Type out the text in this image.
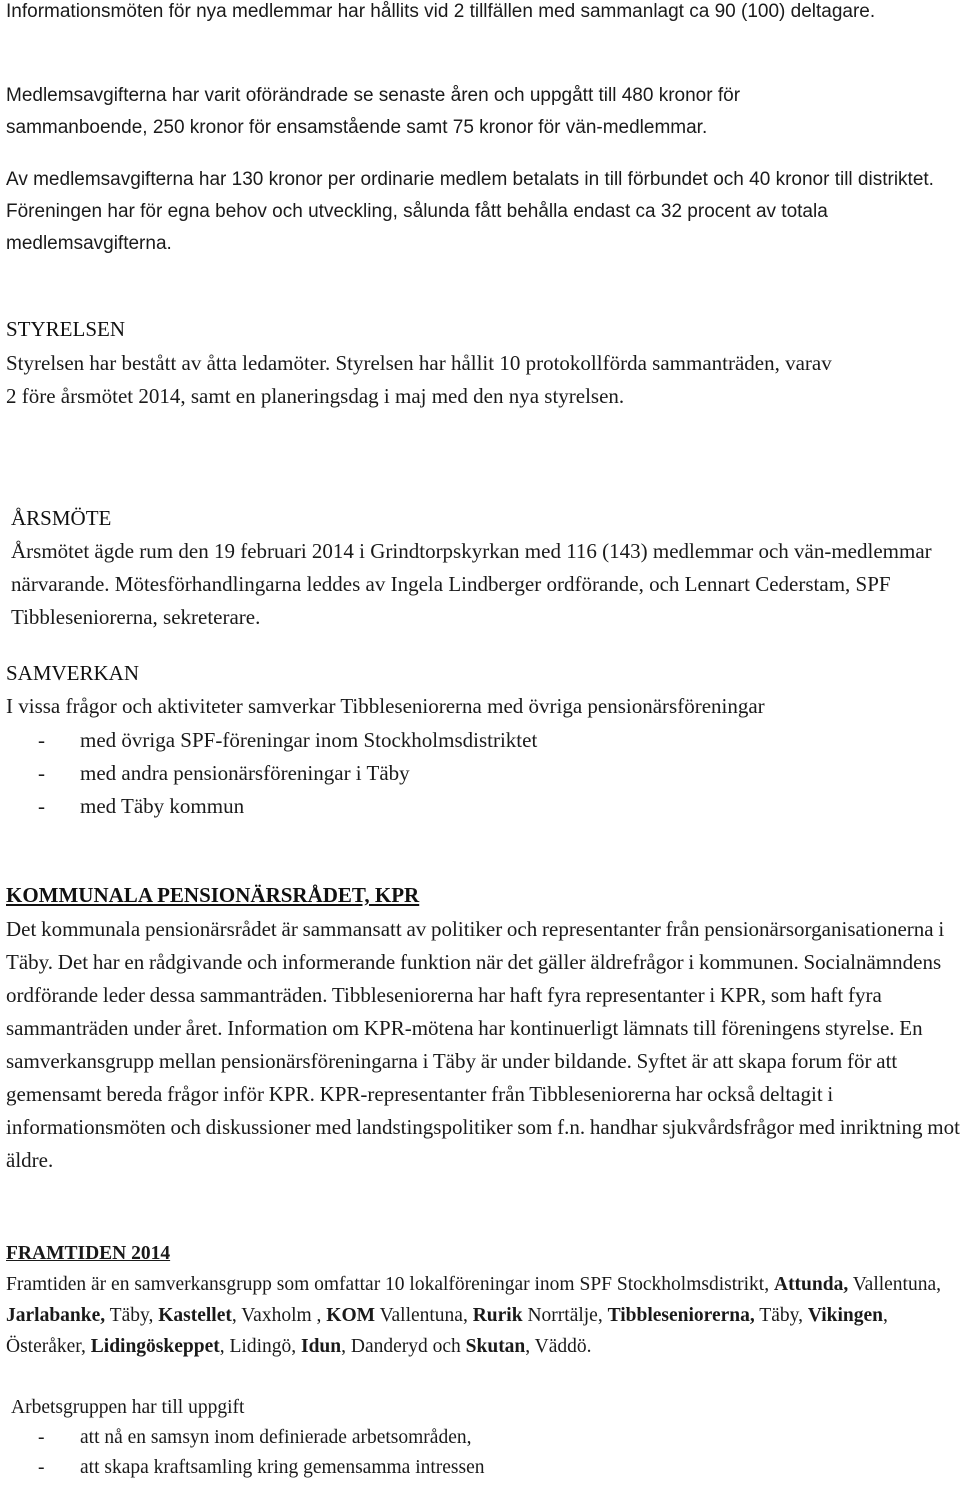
Informationsmöten för nya medlemmar har hållits vid 2 tillfällen med sammanlagt ca 90 (100) deltagare.

Medlemsavgifterna har varit oförändrade se senaste åren och uppgått till 480 kronor för sammanboende, 250 kronor för ensamstående samt 75 kronor för vän-medlemmar.

Av medlemsavgifterna har 130 kronor per ordinarie medlem betalats in till förbundet och 40 kronor till distriktet. Föreningen har för egna behov och utveckling, sålunda fått behålla endast ca 32 procent av totala medlemsavgifterna.

STYRELSEN

Styrelsen har bestått av åtta ledamöter. Styrelsen har hållit 10 protokollförda sammanträden, varav
2 före årsmötet 2014, samt en planeringsdag i maj med den nya styrelsen.

ÅRSMÖTE

Årsmötet ägde rum den 19 februari 2014 i Grindtorpskyrkan med 116 (143) medlemmar och vän-medlemmar närvarande. Mötesförhandlingarna leddes av Ingela Lindberger ordförande, och Lennart Cederstam, SPF Tibbleseniorerna, sekreterare.

SAMVERKAN

I vissa frågor och aktiviteter samverkar Tibbleseniorerna med övriga pensionärsföreningar

- med övriga SPF-föreningar inom Stockholmsdistriktet
- med andra pensionärsföreningar i Täby
- med Täby kommun
KOMMUNALA PENSIONÄRSRÅDET, KPR

Det kommunala pensionärsrådet är sammansatt av politiker och representanter från pensionärsorganisationerna i Täby. Det har en rådgivande och informerande funktion när det gäller äldrefrågor i kommunen. Socialnämndens ordförande leder dessa sammanträden. Tibbleseniorerna har haft fyra representanter i KPR, som haft fyra sammanträden under året. Information om KPR-mötena har kontinuerligt lämnats till föreningens styrelse. En samverkansgrupp mellan pensionärsföreningarna i Täby är under bildande. Syftet är att skapa forum för att gemensamt bereda frågor inför KPR. KPR-representanter från Tibbleseniorerna har också deltagit i informationsmöten och diskussioner med landstingspolitiker som f.n. handhar sjukvårdsfrågor med inriktning mot äldre.

FRAMTIDEN 2014

Framtiden är en samverkansgrupp som omfattar 10 lokalföreningar inom SPF Stockholmsdistrikt, Attunda, Vallentuna, Jarlabanke, Täby, Kastellet, Vaxholm , KOM Vallentuna, Rurik Norrtälje, Tibbleseniorerna, Täby, Vikingen, Österåker, Lidingöskeppet, Lidingö, Idun, Danderyd och Skutan, Väddö.

Arbetsgruppen har till uppgift

- att nå en samsyn inom definierade arbetsområden,
- att skapa kraftsamling kring gemensamma intressen
